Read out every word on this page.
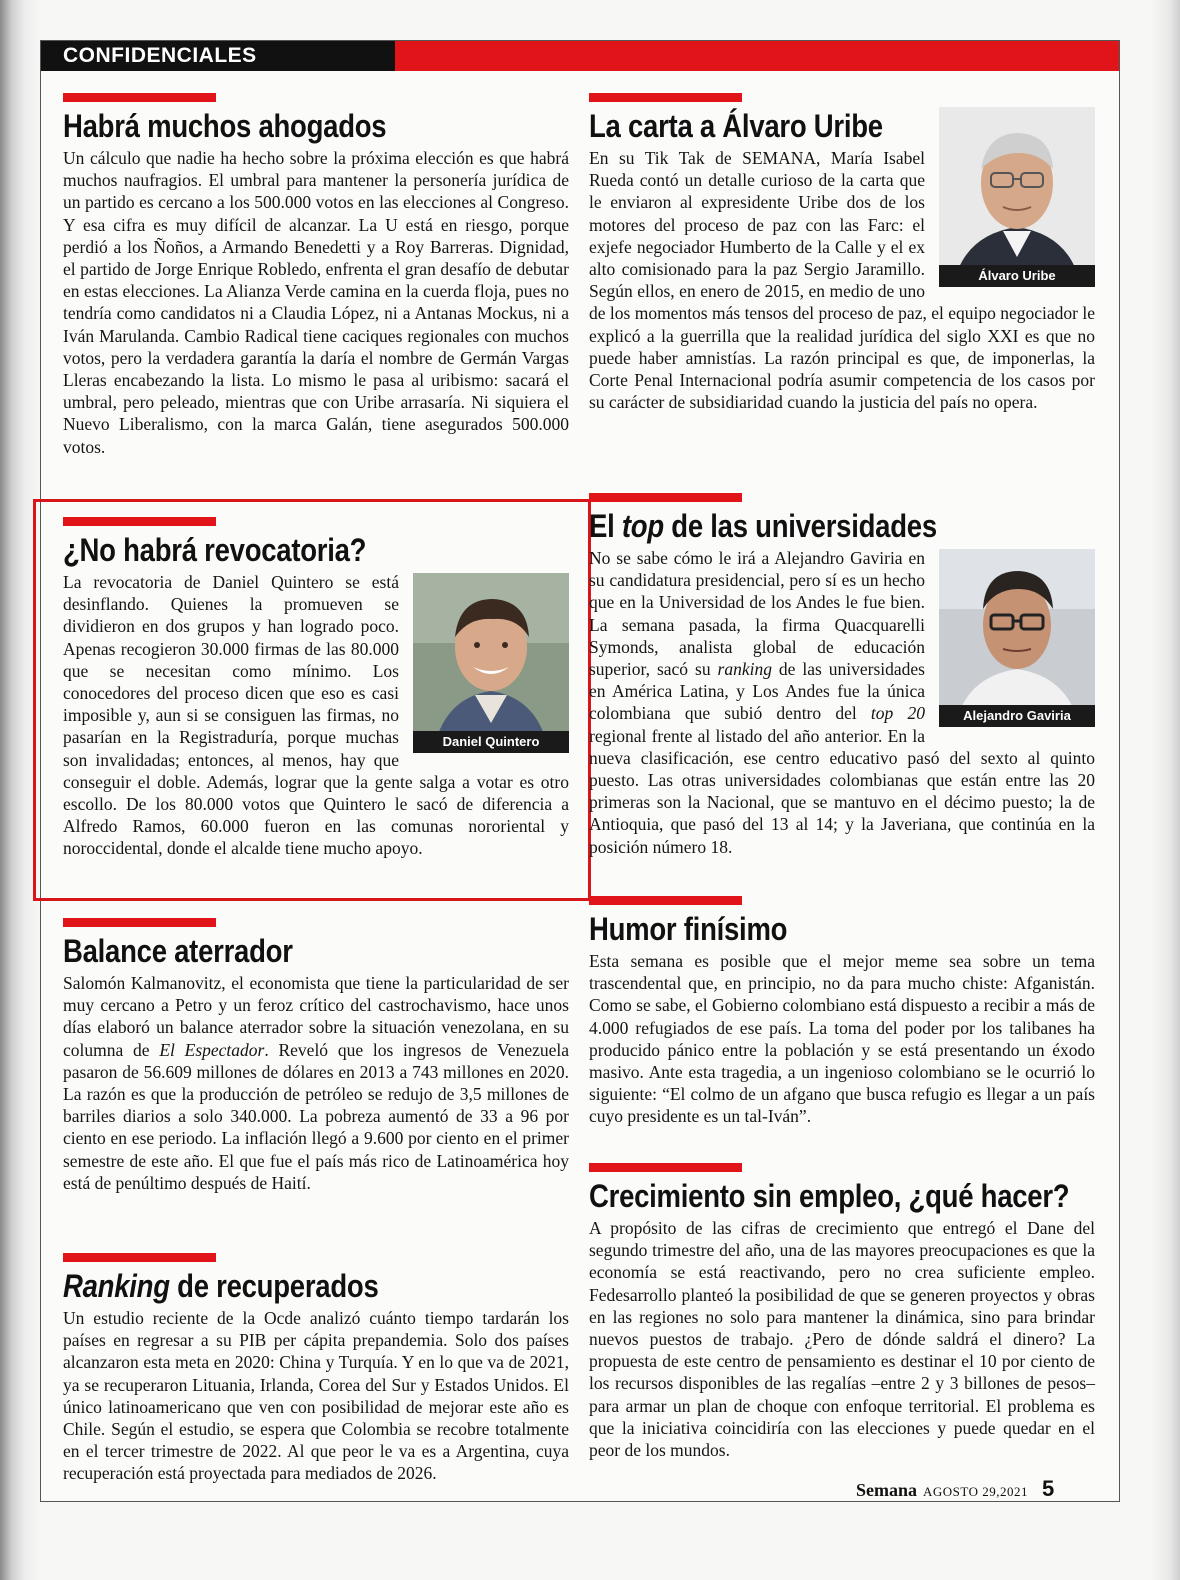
CONFIDENCIALES
Habrá muchos ahogados

Un cálculo que nadie ha hecho sobre la próxima elección es que habrá muchos naufragios. El umbral para mantener la personería jurídica de un partido es cercano a los 500.000 votos en las elecciones al Congreso. Y esa cifra es muy difícil de alcanzar. La U está en riesgo, porque perdió a los Ñoños, a Armando Benedetti y a Roy Barreras. Dignidad, el partido de Jorge Enrique Robledo, enfrenta el gran desafío de debutar en estas elecciones. La Alianza Verde camina en la cuerda floja, pues no tendría como candidatos ni a Claudia López, ni a Antanas Mockus, ni a Iván Marulanda. Cambio Radical tiene caciques regionales con muchos votos, pero la verdadera garantía la daría el nombre de Germán Vargas Lleras encabezando la lista. Lo mismo le pasa al uribismo: sacará el umbral, pero peleado, mientras que con Uribe arrasaría. Ni siquiera el Nuevo Liberalismo, con la marca Galán, tiene asegurados 500.000 votos.

¿No habrá revocatoria?
Daniel Quintero

La revocatoria de Daniel Quintero se está desinflando. Quienes la promueven se dividieron en dos grupos y han logrado poco. Apenas recogieron 30.000 firmas de las 80.000 que se necesitan como mínimo. Los conocedores del proceso dicen que eso es casi imposible y, aun si se consiguen las firmas, no pasarían en la Registraduría, porque muchas son invalidadas; entonces, al menos, hay que conseguir el doble. Además, lograr que la gente salga a votar es otro escollo. De los 80.000 votos que Quintero le sacó de diferencia a Alfredo Ramos, 60.000 fueron en las comunas nororiental y noroccidental, donde el alcalde tiene mucho apoyo.

Balance aterrador

Salomón Kalmanovitz, el economista que tiene la particularidad de ser muy cercano a Petro y un feroz crítico del castrochavismo, hace unos días elaboró un balance aterrador sobre la situación venezolana, en su columna de El Espectador. Reveló que los ingresos de Venezuela pasaron de 56.609 millones de dólares en 2013 a 743 millones en 2020. La razón es que la producción de petróleo se redujo de 3,5 millones de barriles diarios a solo 340.000. La pobreza aumentó de 33 a 96 por ciento en ese periodo. La inflación llegó a 9.600 por ciento en el primer semestre de este año. El que fue el país más rico de Latinoamérica hoy está de penúltimo después de Haití.

Ranking de recuperados

Un estudio reciente de la Ocde analizó cuánto tiempo tardarán los países en regresar a su PIB per cápita prepandemia. Solo dos países alcanzaron esta meta en 2020: China y Turquía. Y en lo que va de 2021, ya se recuperaron Lituania, Irlanda, Corea del Sur y Estados Unidos. El único latinoamericano que ven con posibilidad de mejorar este año es Chile. Según el estudio, se espera que Colombia se recobre totalmente en el tercer trimestre de 2022. Al que peor le va es a Argentina, cuya recuperación está proyectada para mediados de 2026.

La carta a Álvaro Uribe
Álvaro Uribe

En su Tik Tak de SEMANA, María Isabel Rueda contó un detalle curioso de la carta que le enviaron al expresidente Uribe dos de los motores del proceso de paz con las Farc: el exjefe negociador Humberto de la Calle y el ex alto comisionado para la paz Sergio Jaramillo. Según ellos, en enero de 2015, en medio de uno de los momentos más tensos del proceso de paz, el equipo negociador le explicó a la guerrilla que la realidad jurídica del siglo XXI es que no puede haber amnistías. La razón principal es que, de imponerlas, la Corte Penal Internacional podría asumir competencia de los casos por su carácter de subsidiaridad cuando la justicia del país no opera.

El top de las universidades
Alejandro Gaviria

No se sabe cómo le irá a Alejandro Gaviria en su candidatura presidencial, pero sí es un hecho que en la Universidad de los Andes le fue bien. La semana pasada, la firma Quacquarelli Symonds, analista global de educación superior, sacó su ranking de las universidades en América Latina, y Los Andes fue la única colombiana que subió dentro del top 20 regional frente al listado del año anterior. En la nueva clasificación, ese centro educativo pasó del sexto al quinto puesto. Las otras universidades colombianas que están entre las 20 primeras son la Nacional, que se mantuvo en el décimo puesto; la de Antioquia, que pasó del 13 al 14; y la Javeriana, que continúa en la posición número 18.

Humor finísimo

Esta semana es posible que el mejor meme sea sobre un tema trascendental que, en principio, no da para mucho chiste: Afganistán. Como se sabe, el Gobierno colombiano está dispuesto a recibir a más de 4.000 refugiados de ese país. La toma del poder por los talibanes ha producido pánico entre la población y se está presentando un éxodo masivo. Ante esta tragedia, a un ingenioso colombiano se le ocurrió lo siguiente: “El colmo de un afgano que busca refugio es llegar a un país cuyo presidente es un tal-Iván”.

Crecimiento sin empleo, ¿qué hacer?

A propósito de las cifras de crecimiento que entregó el Dane del segundo trimestre del año, una de las mayores preocupaciones es que la economía se está reactivando, pero no crea suficiente empleo. Fedesarrollo planteó la posibilidad de que se generen proyectos y obras en las regiones no solo para mantener la dinámica, sino para brindar nuevos puestos de trabajo. ¿Pero de dónde saldrá el dinero? La propuesta de este centro de pensamiento es destinar el 10 por ciento de los recursos disponibles de las regalías –entre 2 y 3 billones de pesos– para armar un plan de choque con enfoque territorial. El problema es que la iniciativa coincidiría con las elecciones y puede quedar en el peor de los mundos.

Semana AGOSTO 29,2021 5
